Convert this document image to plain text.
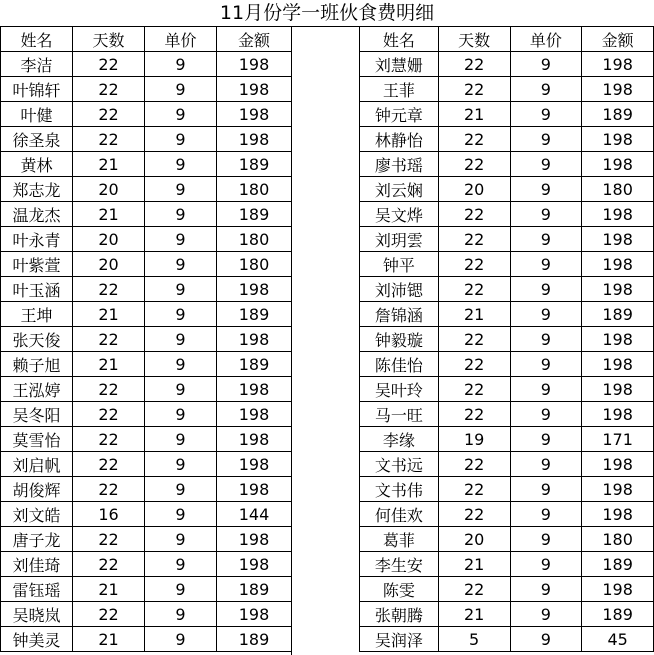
11月份学一班伙食费明细
姓名	天数	单价	金额
李洁	22	9	198
叶锦轩	22	9	198
叶健	22	9	198
徐圣泉	22	9	198
黄林	21	9	189
郑志龙	20	9	180
温龙杰	21	9	189
叶永青	20	9	180
叶紫萱	20	9	180
叶玉涵	22	9	198
王坤	21	9	189
张天俊	22	9	198
赖子旭	21	9	189
王泓婷	22	9	198
吴冬阳	22	9	198
莫雪怡	22	9	198
刘启帆	22	9	198
胡俊辉	22	9	198
刘文皓	16	9	144
唐子龙	22	9	198
刘佳琦	22	9	198
雷钰瑶	21	9	189
吴晓岚	22	9	198
钟美灵	21	9	189
姓名	天数	单价	金额
刘慧姗	22	9	198
王菲	22	9	198
钟元章	21	9	189
林静怡	22	9	198
廖书瑶	22	9	198
刘云娴	20	9	180
吴文烨	22	9	198
刘玥雲	22	9	198
钟平	22	9	198
刘沛锶	22	9	198
詹锦涵	21	9	189
钟毅璇	22	9	198
陈佳怡	22	9	198
吴叶玲	22	9	198
马一旺	22	9	198
李缘	19	9	171
文书远	22	9	198
文书伟	22	9	198
何佳欢	22	9	198
葛菲	20	9	180
李生安	21	9	189
陈雯	22	9	198
张朝腾	21	9	189
吴润泽	5	9	45
